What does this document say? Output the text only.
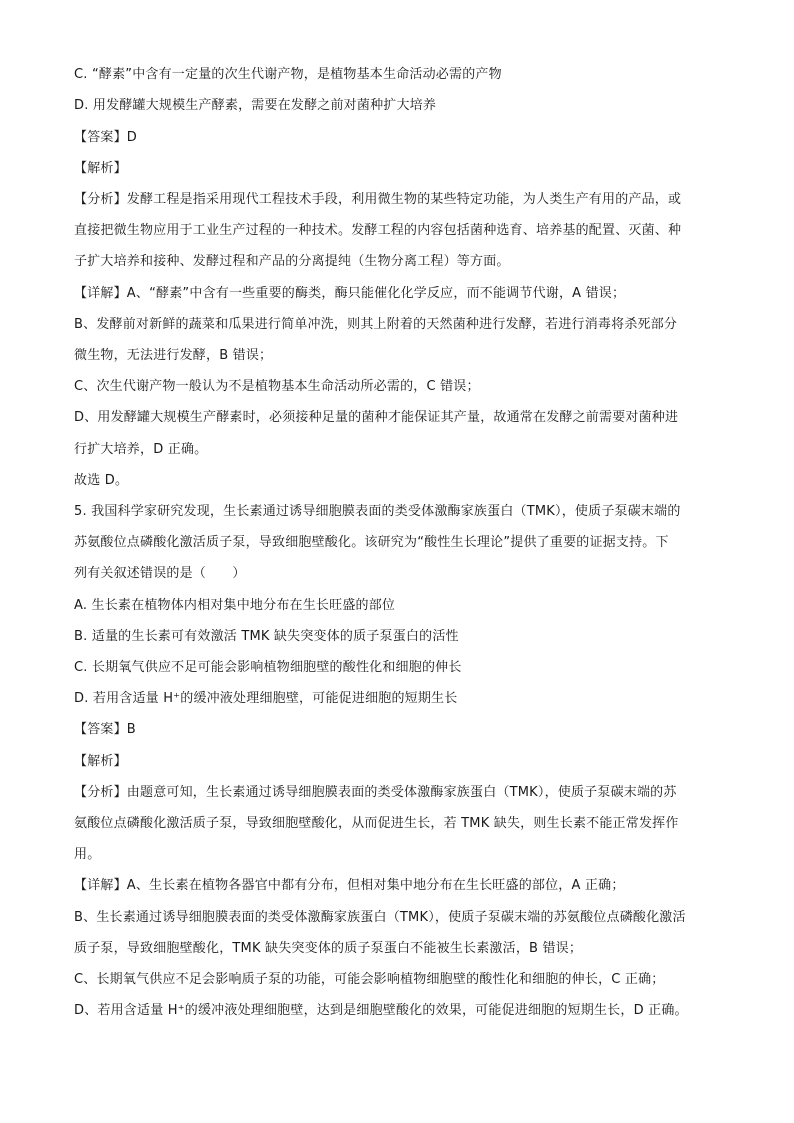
C. “酵素”中含有一定量的次生代谢产物，是植物基本生命活动必需的产物
D. 用发酵罐大规模生产酵素，需要在发酵之前对菌种扩大培养
【答案】D
【解析】
【分析】发酵工程是指采用现代工程技术手段，利用微生物的某些特定功能，为人类生产有用的产品，或
直接把微生物应用于工业生产过程的一种技术。发酵工程的内容包括菌种选育、培养基的配置、灭菌、种
子扩大培养和接种、发酵过程和产品的分离提纯（生物分离工程）等方面。
【详解】A、“酵素”中含有一些重要的酶类，酶只能催化化学反应，而不能调节代谢，A 错误；
B、发酵前对新鲜的蔬菜和瓜果进行简单冲洗，则其上附着的天然菌种进行发酵，若进行消毒将杀死部分
微生物，无法进行发酵，B 错误；
C、次生代谢产物一般认为不是植物基本生命活动所必需的，C 错误；
D、用发酵罐大规模生产酵素时，必须接种足量的菌种才能保证其产量，故通常在发酵之前需要对菌种进
行扩大培养，D 正确。
故选 D。
5. 我国科学家研究发现，生长素通过诱导细胞膜表面的类受体激酶家族蛋白（TMK），使质子泵碳末端的
苏氨酸位点磷酸化激活质子泵，导致细胞壁酸化。该研究为“酸性生长理论”提供了重要的证据支持。下
列有关叙述错误的是（　　）
A. 生长素在植物体内相对集中地分布在生长旺盛的部位
B. 适量的生长素可有效激活 TMK 缺失突变体的质子泵蛋白的活性
C. 长期氧气供应不足可能会影响植物细胞壁的酸性化和细胞的伸长
D. 若用含适量 H⁺的缓冲液处理细胞壁，可能促进细胞的短期生长
【答案】B
【解析】
【分析】由题意可知，生长素通过诱导细胞膜表面的类受体激酶家族蛋白（TMK），使质子泵碳末端的苏
氨酸位点磷酸化激活质子泵，导致细胞壁酸化，从而促进生长，若 TMK 缺失，则生长素不能正常发挥作
用。
【详解】A、生长素在植物各器官中都有分布，但相对集中地分布在生长旺盛的部位，A 正确；
B、生长素通过诱导细胞膜表面的类受体激酶家族蛋白（TMK），使质子泵碳末端的苏氨酸位点磷酸化激活
质子泵，导致细胞壁酸化，TMK 缺失突变体的质子泵蛋白不能被生长素激活，B 错误；
C、长期氧气供应不足会影响质子泵的功能，可能会影响植物细胞壁的酸性化和细胞的伸长，C 正确；
D、若用含适量 H⁺的缓冲液处理细胞壁，达到是细胞壁酸化的效果，可能促进细胞的短期生长，D 正确。
